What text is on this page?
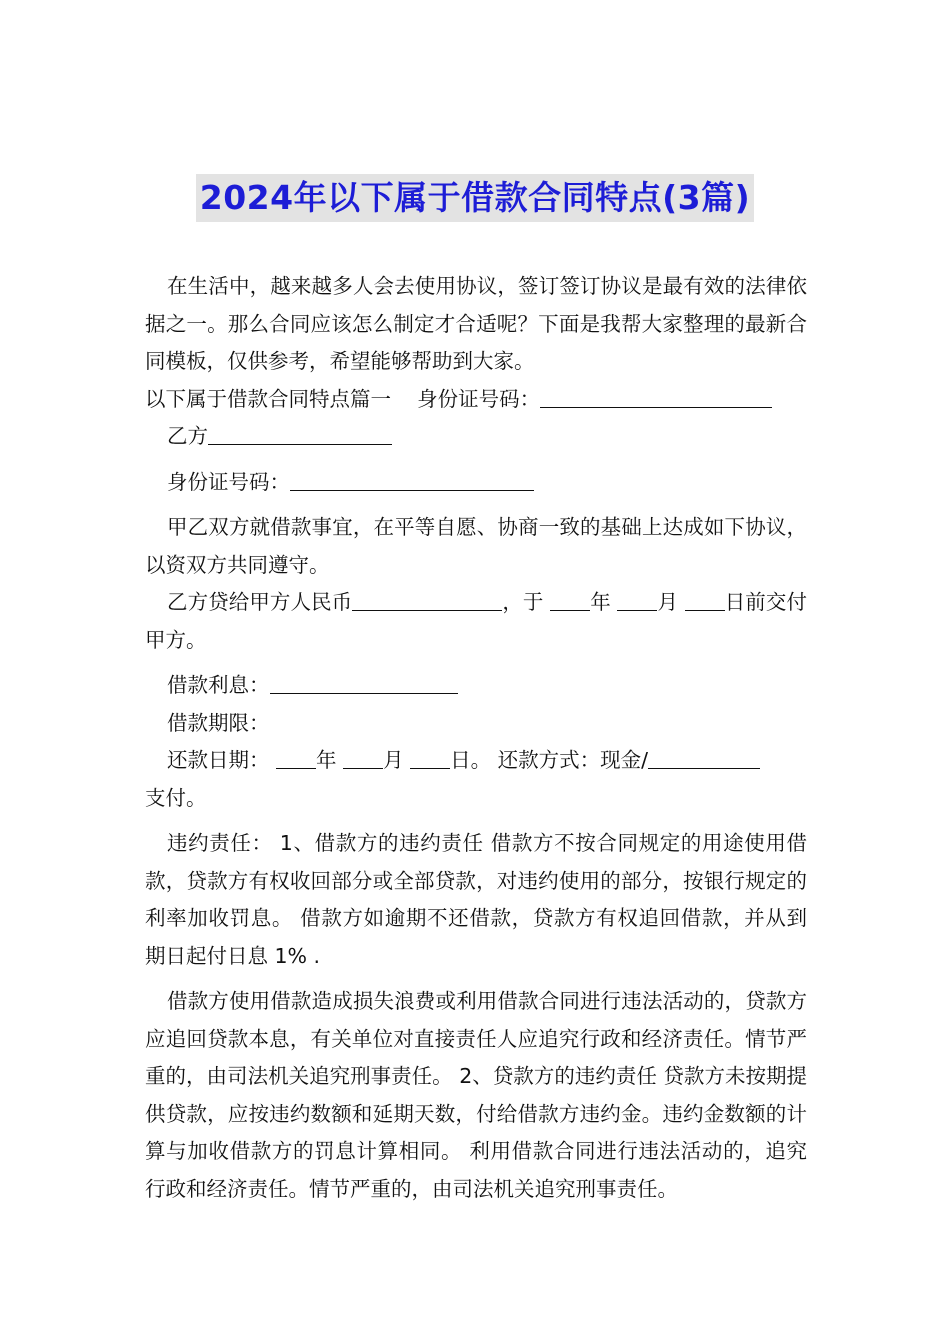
2024年以下属于借款合同特点(3篇)

在生活中，越来越多人会去使用协议，签订签订协议是最有效的法律依据之一。那么合同应该怎么制定才合适呢？下面是我帮大家整理的最新合同模板，仅供参考，希望能够帮助到大家。

以下属于借款合同特点篇一 身份证号码：

乙方

身份证号码：

甲乙双方就借款事宜，在平等自愿、协商一致的基础上达成如下协议，以资双方共同遵守。

乙方贷给甲方人民币	，于 年 月 日前交付甲方。

借款利息：

借款期限：

还款日期： 年 月 日。 还款方式：现金/
支付。

违约责任： 1、借款方的违约责任 借款方不按合同规定的用途使用借款，贷款方有权收回部分或全部贷款，对违约使用的部分，按银行规定的利率加收罚息。 借款方如逾期不还借款，贷款方有权追回借款，并从到期日起付日息 1% .

借款方使用借款造成损失浪费或利用借款合同进行违法活动的，贷款方应追回贷款本息，有关单位对直接责任人应追究行政和经济责任。情节严重的，由司法机关追究刑事责任。 2、贷款方的违约责任 贷款方未按期提供贷款，应按违约数额和延期天数，付给借款方违约金。违约金数额的计算与加收借款方的罚息计算相同。 利用借款合同进行违法活动的，追究行政和经济责任。情节严重的，由司法机关追究刑事责任。
